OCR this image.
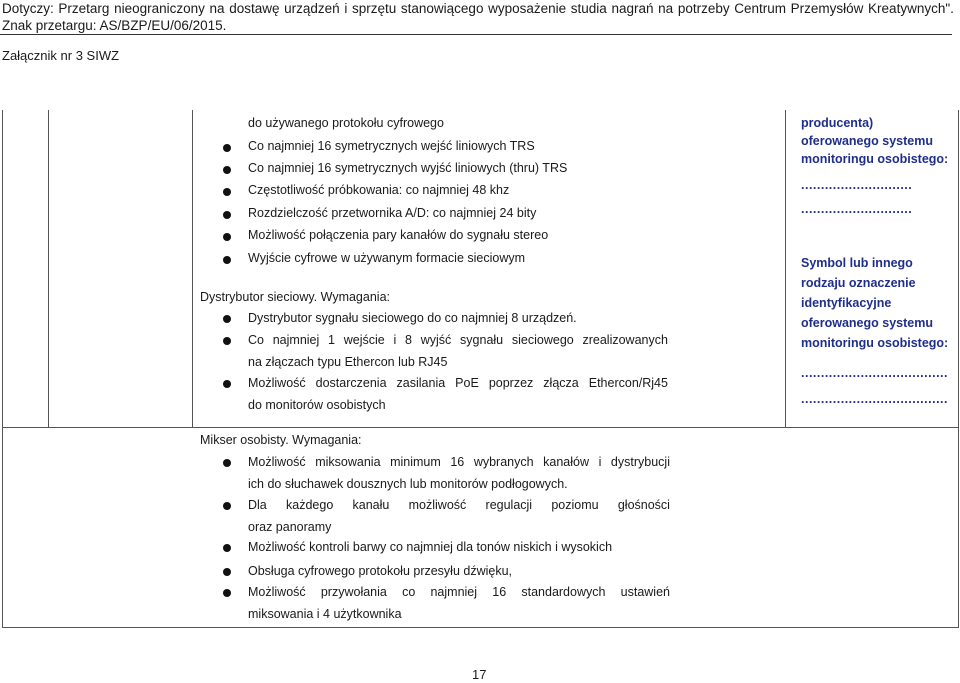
Dotyczy: Przetarg nieograniczony na dostawę urządzeń i sprzętu stanowiącego wyposażenie studia nagrań na potrzeby Centrum Przemysłów Kreatywnych".
Znak przetargu: AS/BZP/EU/06/2015.
Załącznik nr 3 SIWZ
do używanego protokołu cyfrowego
Co najmniej 16 symetrycznych wejść liniowych TRS
Co najmniej 16 symetrycznych wyjść liniowych (thru) TRS
Częstotliwość próbkowania: co najmniej 48 khz
Rozdzielczość przetwornika A/D: co najmniej 24 bity
Możliwość połączenia pary kanałów do sygnału stereo
Wyjście cyfrowe w używanym formacie sieciowym
Dystrybutor sieciowy. Wymagania:
Dystrybutor sygnału sieciowego do co najmniej 8 urządzeń.
Co najmniej 1 wejście i 8 wyjść sygnału sieciowego zrealizowanych
na złączach typu Ethercon lub RJ45
Możliwość dostarczenia zasilania PoE poprzez złącza Ethercon/Rj45
do monitorów osobistych
Mikser osobisty. Wymagania:
Możliwość miksowania minimum 16 wybranych kanałów i dystrybucji
ich do słuchawek dousznych lub monitorów podłogowych.
Dla każdego kanału możliwość regulacji poziomu głośności
oraz panoramy
Możliwość kontroli barwy co najmniej dla tonów niskich i wysokich
Obsługa cyfrowego protokołu przesyłu dźwięku,
Możliwość przywołania co najmniej 16 standardowych ustawień
miksowania i 4 użytkownika
producenta)
oferowanego systemu
monitoringu osobistego:
............................
............................
Symbol lub innego
rodzaju oznaczenie
identyfikacyjne
oferowanego systemu
monitoringu osobistego:
.....................................
.....................................
17
